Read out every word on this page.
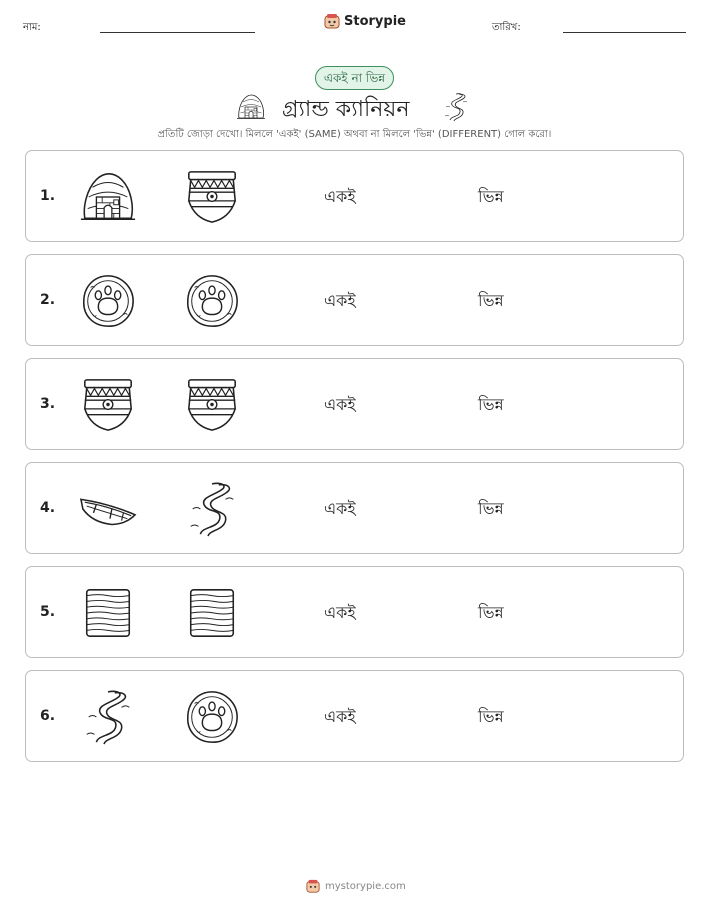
নাম:	Storypie	তারিখ:
একই না ভিন্ন
গ্র্যান্ড ক্যানিয়ন
প্রতিটি জোড়া দেখো। মিললে 'একই' (SAME) অথবা না মিললে 'ভিন্ন' (DIFFERENT) গোল করো।
1.	একই	ভিন্ন
2.	একই	ভিন্ন
3.	একই	ভিন্ন
4.	একই	ভিন্ন
5.	একই	ভিন্ন
6.	একই	ভিন্ন
mystorypie.com
